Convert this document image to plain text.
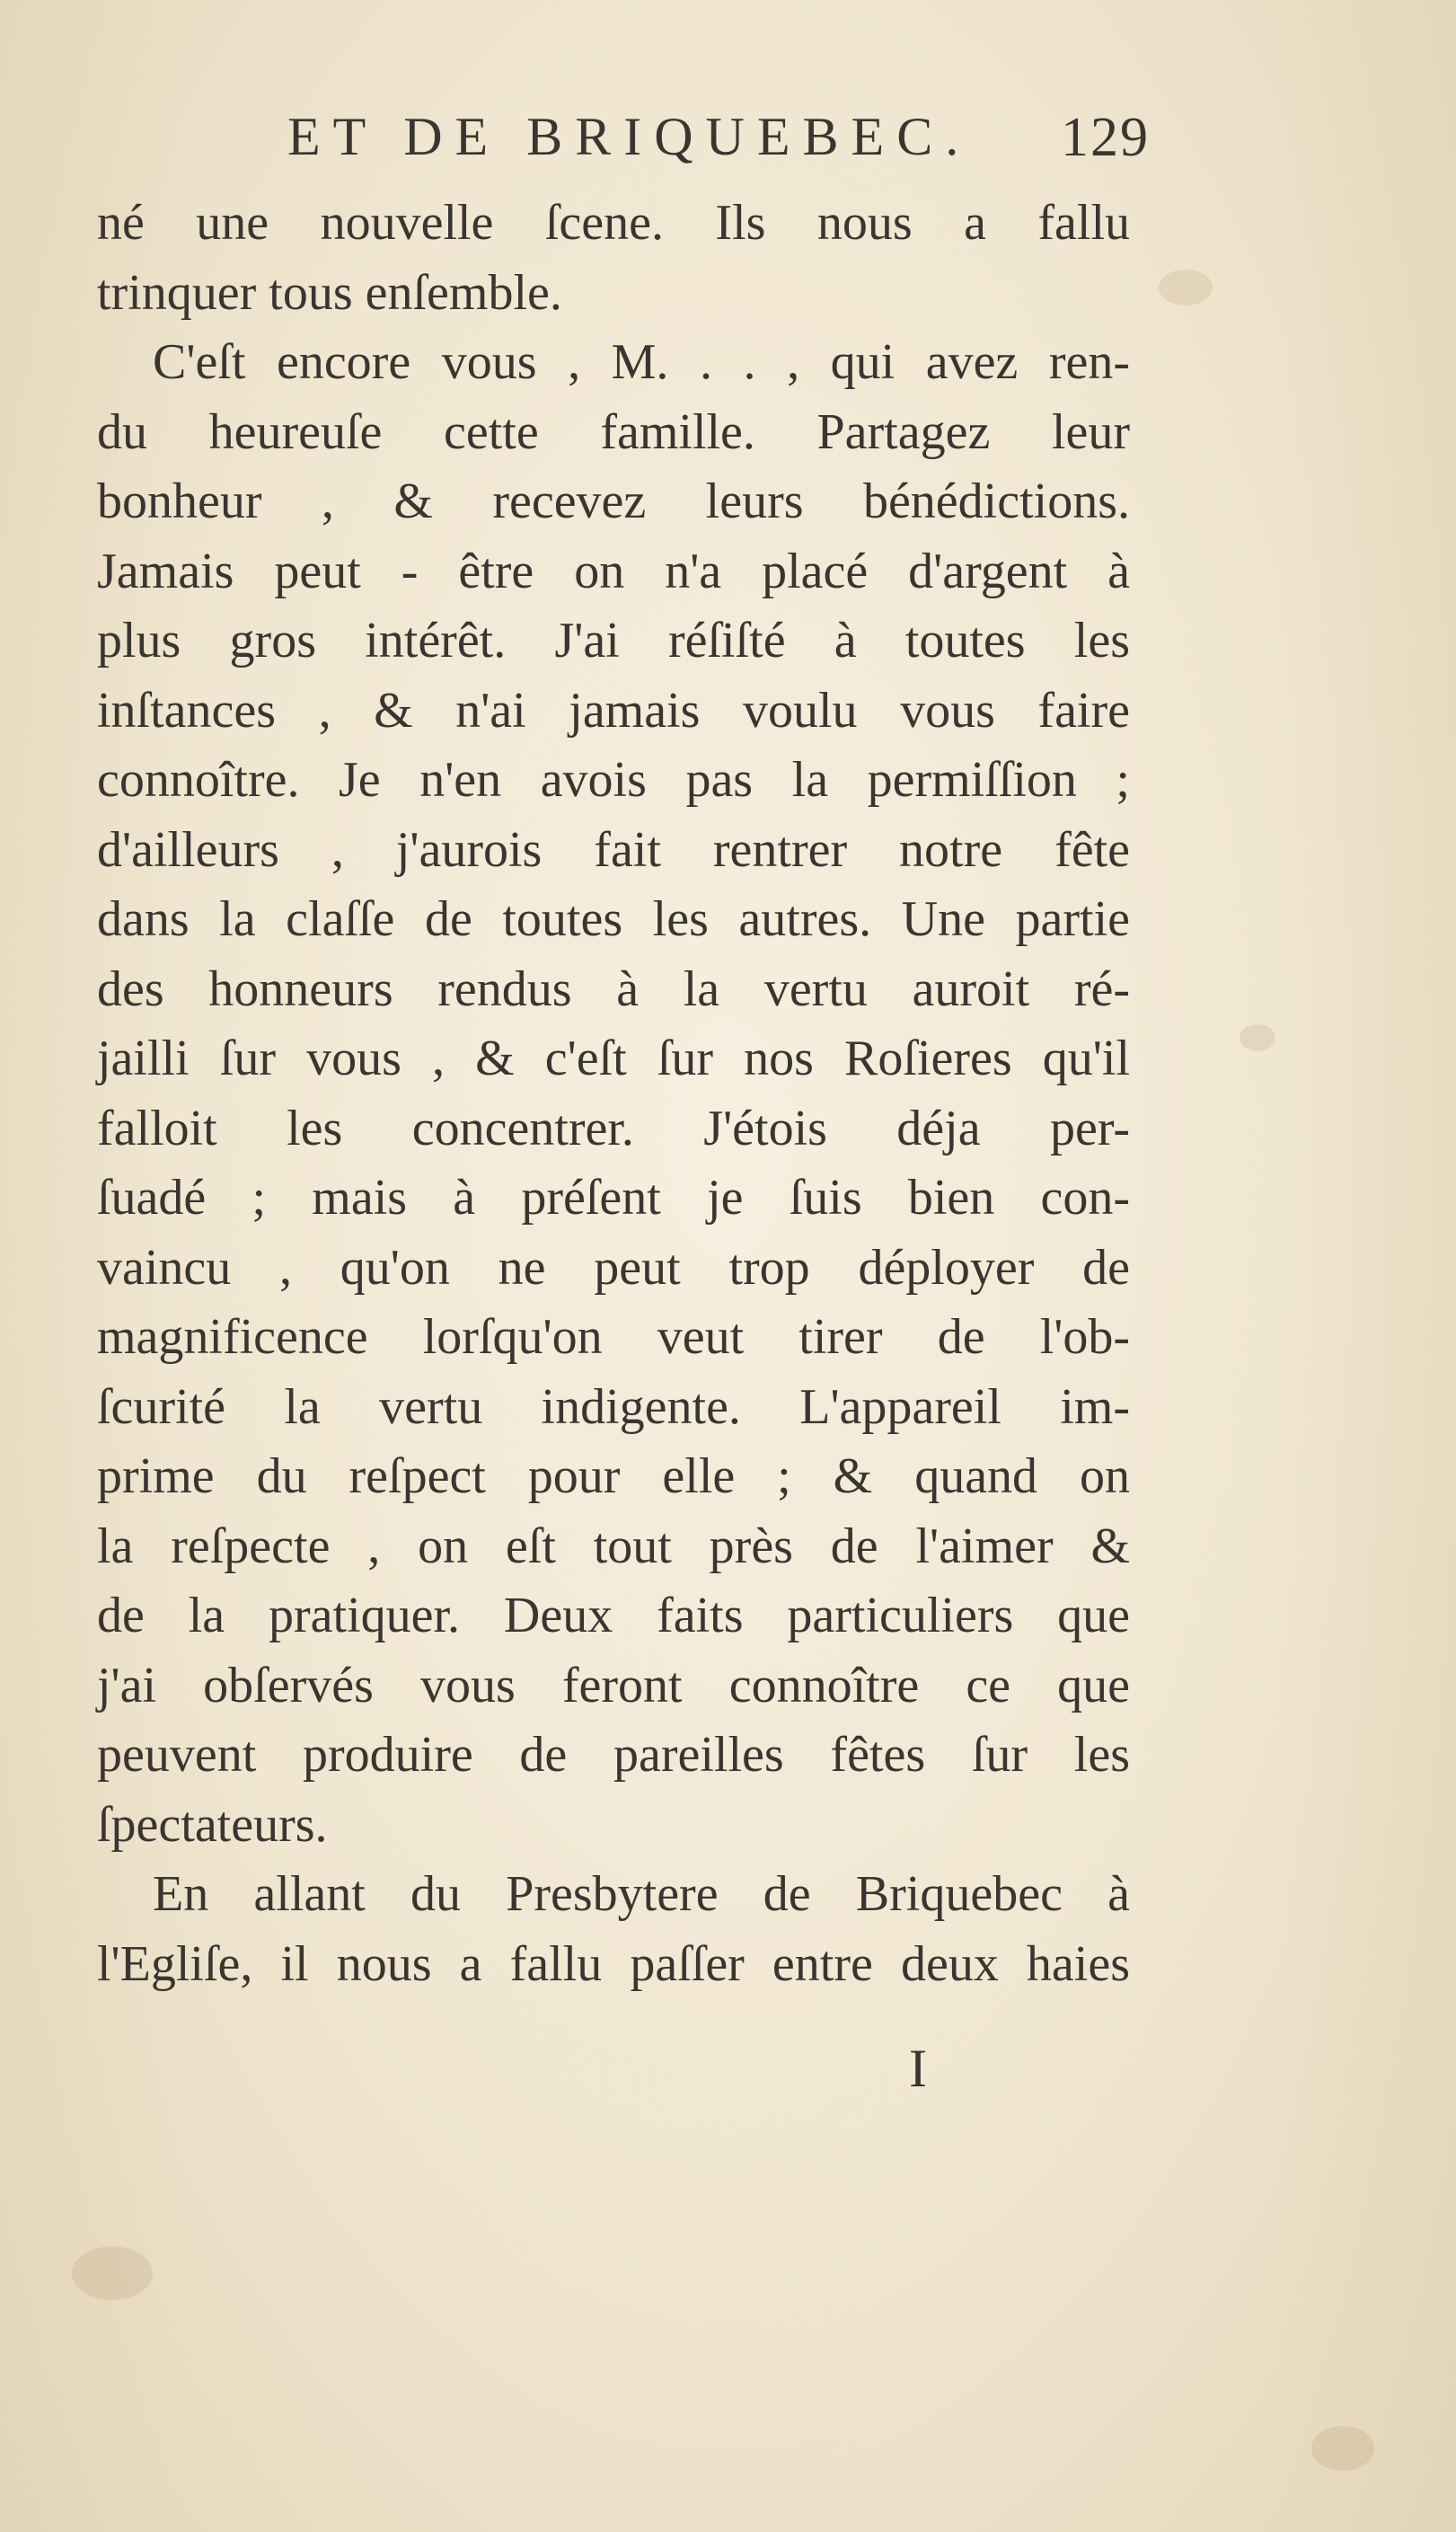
ET DE BRIQUEBEC. 129
né une nouvelle ſcene. Ils nous a fallu
trinquer tous enſemble.
C'eſt encore vous , M. . . , qui avez ren-
du heureuſe cette famille. Partagez leur
bonheur , & recevez leurs bénédictions.
Jamais peut - être on n'a placé d'argent à
plus gros intérêt. J'ai réſiſté à toutes les
inſtances , & n'ai jamais voulu vous faire
connoître. Je n'en avois pas la permiſſion ;
d'ailleurs , j'aurois fait rentrer notre fête
dans la claſſe de toutes les autres. Une partie
des honneurs rendus à la vertu auroit ré-
jailli ſur vous , & c'eſt ſur nos Roſieres qu'il
falloit les concentrer. J'étois déja per-
ſuadé ; mais à préſent je ſuis bien con-
vaincu , qu'on ne peut trop déployer de
magnificence lorſqu'on veut tirer de l'ob-
ſcurité la vertu indigente. L'appareil im-
prime du reſpect pour elle ; & quand on
la reſpecte , on eſt tout près de l'aimer &
de la pratiquer. Deux faits particuliers que
j'ai obſervés vous feront connoître ce que
peuvent produire de pareilles fêtes ſur les
ſpectateurs.
En allant du Presbytere de Briquebec à
l'Egliſe, il nous a fallu paſſer entre deux haies
I
